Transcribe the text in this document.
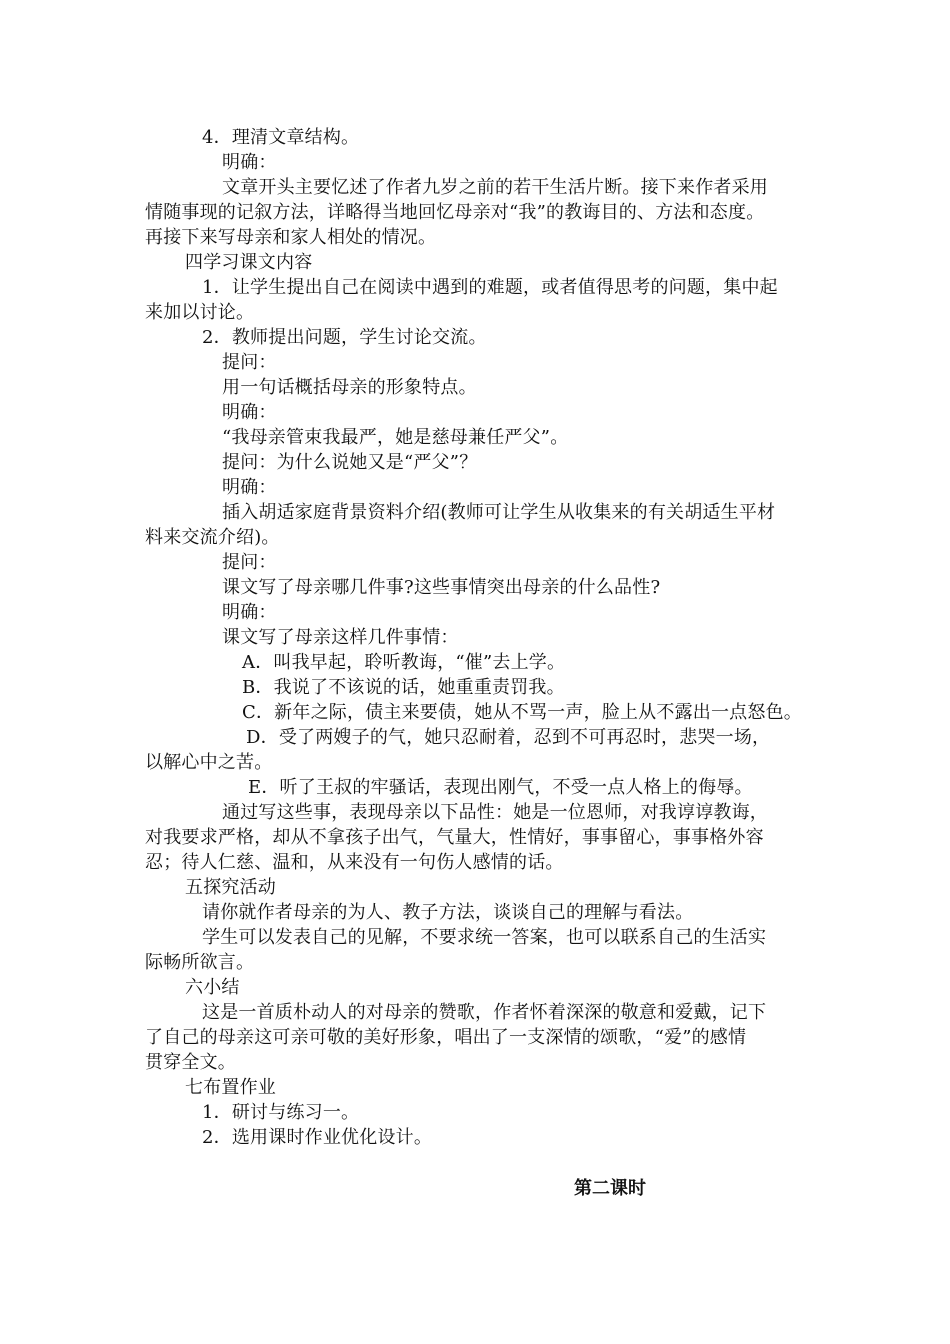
4．理清文章结构。
明确：
文章开头主要忆述了作者九岁之前的若干生活片断。接下来作者采用
情随事现的记叙方法，详略得当地回忆母亲对“我”的教诲目的、方法和态度。
再接下来写母亲和家人相处的情况。
四学习课文内容
1．让学生提出自己在阅读中遇到的难题，或者值得思考的问题，集中起
来加以讨论。
2．教师提出问题，学生讨论交流。
提问：
用一句话概括母亲的形象特点。
明确：
“我母亲管束我最严，她是慈母兼任严父”。
提问：为什么说她又是“严父”？
明确：
插入胡适家庭背景资料介绍(教师可让学生从收集来的有关胡适生平材
料来交流介绍)。
提问：
课文写了母亲哪几件事?这些事情突出母亲的什么品性?
明确：
课文写了母亲这样几件事情：
A．叫我早起，聆听教诲，“催”去上学。
B．我说了不该说的话，她重重责罚我。
C．新年之际，债主来要债，她从不骂一声，脸上从不露出一点怒色。
D．受了两嫂子的气，她只忍耐着，忍到不可再忍时，悲哭一场，
以解心中之苦。
E．听了王叔的牢骚话，表现出刚气，不受一点人格上的侮辱。
通过写这些事，表现母亲以下品性：她是一位恩师，对我谆谆教诲，
对我要求严格，却从不拿孩子出气，气量大，性情好，事事留心，事事格外容
忍；待人仁慈、温和，从来没有一句伤人感情的话。
五探究活动
请你就作者母亲的为人、教子方法，谈谈自己的理解与看法。
学生可以发表自己的见解，不要求统一答案，也可以联系自己的生活实
际畅所欲言。
六小结
这是一首质朴动人的对母亲的赞歌，作者怀着深深的敬意和爱戴，记下
了自己的母亲这可亲可敬的美好形象，唱出了一支深情的颂歌，“爱”的感情
贯穿全文。
七布置作业
1．研讨与练习一。
2．选用课时作业优化设计。
第二课时
